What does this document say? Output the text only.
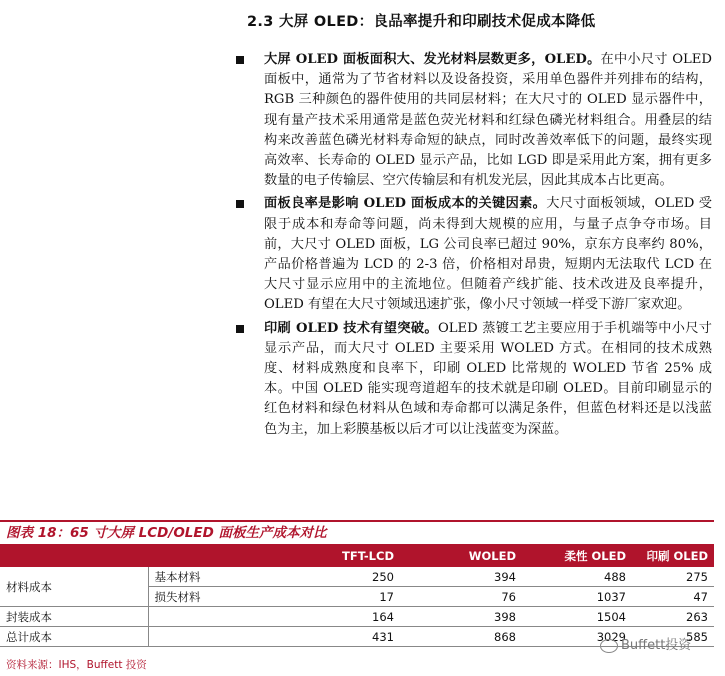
2.3 大屏 OLED：良品率提升和印刷技术促成本降低
大屏 OLED 面板面积大、发光材料层数更多，OLED。在中小尺寸 OLED 面板中，通常为了节省材料以及设备投资，采用单色器件并列排布的结构，RGB 三种颜色的器件使用的共同层材料；在大尺寸的 OLED 显示器件中，现有量产技术采用通常是蓝色荧光材料和红绿色磷光材料组合。用叠层的结构来改善蓝色磷光材料寿命短的缺点，同时改善效率低下的问题，最终实现高效率、长寿命的 OLED 显示产品，比如 LGD 即是采用此方案，拥有更多数量的电子传输层、空穴传输层和有机发光层，因此其成本占比更高。
面板良率是影响 OLED 面板成本的关键因素。大尺寸面板领域，OLED 受限于成本和寿命等问题，尚未得到大规模的应用，与量子点争夺市场。目前，大尺寸 OLED 面板，LG 公司良率已超过 90%，京东方良率约 80%，产品价格普遍为 LCD 的 2-3 倍，价格相对昂贵，短期内无法取代 LCD 在大尺寸显示应用中的主流地位。但随着产线扩能、技术改进及良率提升，OLED 有望在大尺寸领域迅速扩张，像小尺寸领域一样受下游厂家欢迎。
印刷 OLED 技术有望突破。OLED 蒸镀工艺主要应用于手机端等中小尺寸显示产品，而大尺寸 OLED 主要采用 WOLED 方式。在相同的技术成熟度、材料成熟度和良率下，印刷 OLED 比常规的 WOLED 节省 25% 成本。中国 OLED 能实现弯道超车的技术就是印刷 OLED。目前印刷显示的红色材料和绿色材料从色域和寿命都可以满足条件，但蓝色材料还是以浅蓝色为主，加上彩膜基板以后才可以让浅蓝变为深蓝。
图表 18：65 寸大屏 LCD/OLED 面板生产成本对比
		TFT-LCD	WOLED	柔性 OLED	印刷 OLED
材料成本	基本材料	250	394	488	275
	损失材料	17	76	1037	47
封装成本		164	398	1504	263
总计成本		431	868	3029	585
资料来源：IHS，Buffett 投资
Buffett投资
